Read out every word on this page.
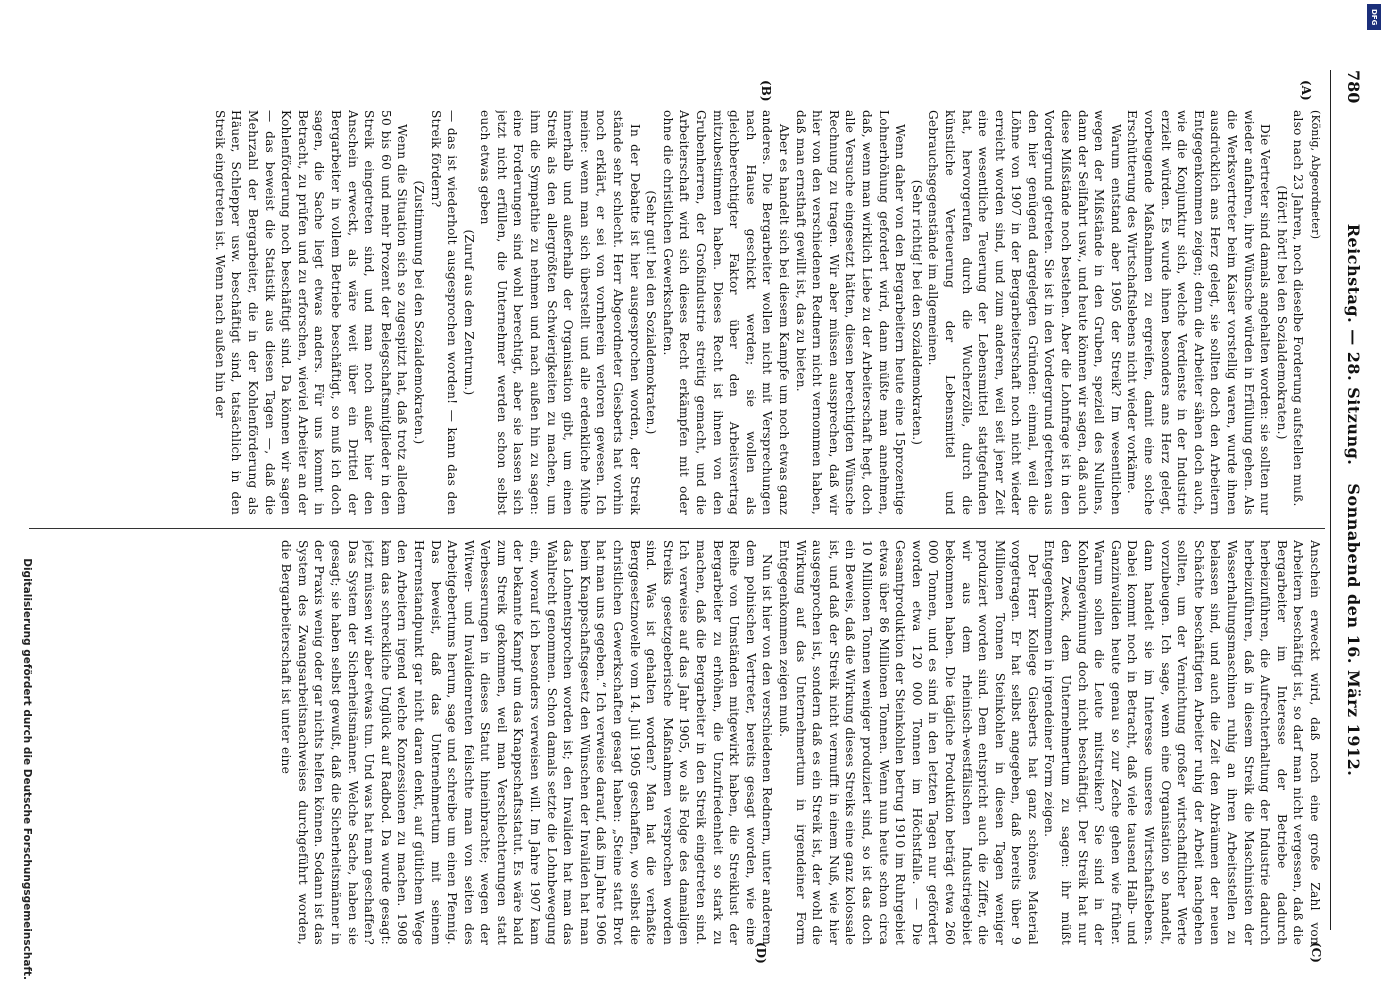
780
Reichstag. — 28. Sitzung. Sonnabend den 16. März 1912.
(A)
(B)
(C)
(D)

(König, Abgeordneter)

also nach 23 Jahren, noch dieselbe Forderung aufstellen muß.

(Hört! hört! bei den Sozialdemokraten.)

Die Vertreter sind damals angehalten worden: sie sollten nur wieder anfahren, ihre Wünsche würden in Erfüllung gehen. Als die Werksvertreter beim Kaiser vorstellig waren, wurde ihnen ausdrücklich ans Herz gelegt, sie sollten doch den Arbeitern Entgegenkommen zeigen; denn die Arbeiter sähen doch auch, wie die Konjunktur sich, welche Verdienste in der Industrie erzielt würden. Es wurde ihnen besonders ans Herz gelegt, vorbeugende Maßnahmen zu ergreifen, damit eine solche Erschütterung des Wirtschaftslebens nicht wieder vorkäme.

Warum entstand aber 1905 der Streik? Im wesentlichen wegen der Mißstände in den Gruben, speziell des Nullens, dann der Seilfahrt usw., und heute können wir sagen, daß auch diese Mißstände noch bestehen. Aber die Lohnfrage ist in den Vordergrund getreten. Sie ist in den Vordergrund getreten aus den hier genügend dargelegten Gründen: einmal, weil die Löhne von 1907 in der Bergarbeiterschaft noch nicht wieder erreicht worden sind, und zum anderen, weil seit jener Zeit eine wesentliche Teuerung der Lebensmittel stattgefunden hat, hervorgerufen durch die Wucherzölle, durch die künstliche Verteuerung der Lebensmittel und Gebrauchsgegenstände im allgemeinen.

(Sehr richtig! bei den Sozialdemokraten.)

Wenn daher von den Bergarbeitern heute eine 15prozentige Lohnerhöhung gefordert wird, dann müßte man annehmen, daß, wenn man wirklich Liebe zu der Arbeiterschaft hegt, doch alle Versuche eingesetzt hätten, diesen berechtigten Wünsche Rechnung zu tragen. Wir aber müssen aussprechen, daß wir hier von den verschiedenen Rednern nicht vernommen haben, daß man ernsthaft gewillt ist, das zu bieten.

Aber es handelt sich bei diesem Kampfe um noch etwas ganz anderes. Die Bergarbeiter wollen nicht mit Versprechungen nach Hause geschickt werden; sie wollen als gleichberechtigter Faktor über den Arbeitsvertrag mitzubestimmen haben. Dieses Recht ist ihnen von den Grubenherren, der Großindustrie streitig gemacht, und die Arbeiterschaft wird sich dieses Recht erkämpfen mit oder ohne die christlichen Gewerkschaften.

(Sehr gut! bei den Sozialdemokraten.)

In der Debatte ist hier ausgesprochen worden, der Streik stände sehr schlecht. Herr Abgeordneter Giesberts hat vorhin noch erklärt, er sei von vornherein verloren gewesen. Ich meine: wenn man sich überstellt und alle erdenkliche Mühe innerhalb und außerhalb der Organisation gibt, um einen Streik als den allergrößten Schwierigkeiten zu machen, um ihm die Sympathie zu nehmen und nach außen hin zu sagen: eine Forderungen sind wohl berechtigt, aber sie lassen sich jetzt nicht erfüllen, die Unternehmer werden schon selbst euch etwas geben

(Zuruf aus dem Zentrum.)

— das ist wiederholt ausgesprochen worden! — kann das den Streik fördern?

(Zustimmung bei den Sozialdemokraten.)

Wenn die Situation sich so zugespitzt hat, daß trotz alledem 50 bis 60 und mehr Prozent der Belegschaftsmitglieder in den Streik eingetreten sind, und man noch außer hier den Anschein erweckt, als wäre weit über ein Drittel der Bergarbeiter in vollem Betriebe beschäftigt, so muß ich doch sagen, die Sache liegt etwas anders. Für uns kommt in Betracht, zu prüfen und zu erforschen, wieviel Arbeiter an der Kohlenförderung noch beschäftigt sind. Da können wir sagen — das beweist die Statistik aus diesen Tagen —, daß die Mehrzahl der Bergarbeiter, die in der Kohlenförderung als Häuer, Schlepper usw. beschäftigt sind, tatsächlich in den Streik eingetreten ist. Wenn nach außen hin der

Anschein erweckt wird, daß noch eine große Zahl von Arbeitern beschäftigt ist, so darf man nicht vergessen, daß die Bergarbeiter im Interesse der Betriebe dadurch herbeizuführen, die Aufrechterhaltung der Industrie dadurch herbeizuführen, daß in diesem Streik die Maschinisten der Wasserhaltungsmaschinen ruhig an ihren Arbeitsstellen zu belassen sind, und auch die Zeit den Abräumen der neuen Schächte beschäftigten Arbeiter ruhig der Arbeit nachgehen sollten, um der Vernichtung großer wirtschaftlicher Werte vorzubeugen. Ich sage, wenn eine Organisation so handelt, dann handelt sie im Interesse unseres Wirtschaftslebens. Dabei kommt noch in Betracht, daß viele tausend Halb- und Ganzinvaliden heute genau so zur Zeche gehen wie früher. Warum sollen die Leute mitstreiken? Sie sind in der Kohlengewinnung doch nicht beschäftigt. Der Streik hat nur den Zweck, dem Unternehmertum zu sagen: ihr müßt Entgegenkommen in irgendeiner Form zeigen.

Der Herr Kollege Giesberts hat ganz schönes Material vorgetragen. Er hat selbst angegeben, daß bereits über 9 Millionen Tonnen Steinkohlen in diesen Tagen weniger produziert worden sind. Dem entspricht auch die Ziffer, die wir aus dem rheinisch-westfälischen Industriegebiet bekommen haben. Die tägliche Produktion beträgt etwa 260 000 Tonnen, und es sind in den letzten Tagen nur gefördert worden etwa 120 000 Tonnen im Höchstfalle. — Die Gesamtproduktion der Steinkohlen betrug 1910 im Ruhrgebiet etwas über 86 Millionen Tonnen. Wenn nun heute schon circa 10 Millionen Tonnen weniger produziert sind, so ist das doch ein Beweis, daß die Wirkung dieses Streiks eine ganz kolossale ist, und daß der Streik nicht vermufft in einem Nuß, wie hier ausgesprochen ist, sondern daß es ein Streik ist, der wohl die Wirkung auf das Unternehmertum in irgendeiner Form Entgegenkommen zeigen muß.

Nun ist hier von den verschiedenen Rednern, unter anderem dem polnischen Vertreter, bereits gesagt worden, wie eine Reihe von Umständen mitgewirkt haben, die Streiklust der Bergarbeiter zu erhöhen, die Unzufriedenheit so stark zu machen, daß die Bergarbeiter in den Streik eingetreten sind. Ich verweise auf das Jahr 1905, wo als Folge des damaligen Streiks gesetzgeberische Maßnahmen versprochen worden sind. Was ist gehalten worden? Man hat die verhaßte Berggesetznovelle vom 14. Juli 1905 geschaffen, wo selbst die christlichen Gewerkschaften gesagt haben: „Steine statt Brot hat man uns gegeben.“ Ich verweise darauf, daß im Jahre 1906 beim Knappschaftsgesetz den Wünschen der Invaliden hat man das Lohnentsprochen worden ist; den Invaliden hat man das Wahlrecht genommen. Schon damals setzte die Lohnbewegung ein, worauf ich besonders verweisen will. Im Jahre 1907 kam der bekannte Kampf um das Knappschaftsstatut. Es wäre bald zum Streik gekommen, weil man Verschlechterungen statt Verbesserungen in dieses Statut hineinbrachte; wegen der Witwen- und Invalidenrenten feilschte man von seiten des Arbeitgebertums herum, sage und schreibe um einen Pfennig. Das beweist, daß das Unternehmertum mit seinem Herrenstandpunkt gar nicht daran denkt, auf gütlichem Wege den Arbeitern irgend welche Konzessionen zu machen. 1908 kam das schreckliche Unglück auf Radbod. Da wurde gesagt: jetzt müssen wir aber etwas tun. Und was hat man geschaffen? Das System der Sicherheitsmänner. Welche Sache, haben sie gesagt; sie haben selbst gewußt, daß die Sicherheitsmänner in der Praxis wenig oder gar nichts helfen können. Sodann ist das System des Zwangsarbeitsnachweises durchgeführt worden, die Bergarbeiterschaft ist unter eine

Digitalisierung gefördert durch die Deutsche Forschungsgemeinschaft.
DFG
